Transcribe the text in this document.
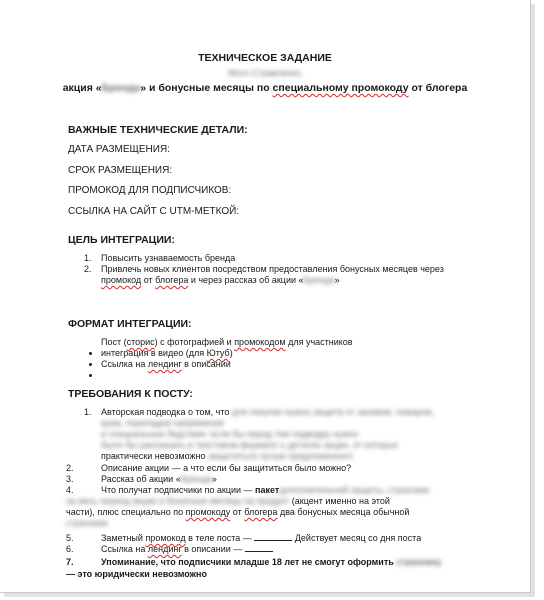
ТЕХНИЧЕСКОЕ ЗАДАНИЕ
Мого Стравлинос
акция «Бренда» и бонусные месяцы по специальному промокоду от блогера
ВАЖНЫЕ ТЕХНИЧЕСКИЕ ДЕТАЛИ:
ДАТА РАЗМЕЩЕНИЯ:
СРОК РАЗМЕЩЕНИЯ:
ПРОМОКОД ДЛЯ ПОДПИСЧИКОВ:
ССЫЛКА НА САЙТ С UTM-МЕТКОЙ:
ЦЕЛЬ ИНТЕГРАЦИИ:
1. Повысить узнаваемость бренда
2. Привлечь новых клиентов посредством предоставления бонусных месяцев через
промокод от блогера и через рассказ об акции «Бренда»
ФОРМАТ ИНТЕГРАЦИИ:
Пост (сторис) с фотографией и промокодом для участников
интеграция в видео (для Ютуб)
Ссылка на лендинг в описании
ТРЕБОВАНИЯ К ПОСТУ:
1. Авторская подводка о том, что для покупки нужна защита от заливов, пожаров,
краж, перепадов напряжения
и специальные бедствия: если бы перед тем подводку нужно
было бы рассказать в текстовом формате о деталях акции, от которых
практически невозможно защититься лучше предложенного
2.	Описание акции — а что если бы защититься было можно?
3.	Рассказ об акции «Бренда»
4.	Что получат подписчики по акции — пакетдополнительной защиты, страховки
на весь период акции и бонусные месяцы на продукт (акцент именно на этой
части), плюс специально по промокоду от блогера два бонусных месяца обычной
страховки
5.	Заметный промокод в теле поста —	Действует месяц со дня поста
6.	Ссылка на лендинг в описании —
7.	Упоминание, что подписчики младше 18 лет не смогут оформить страховку
— это юридически невозможно
